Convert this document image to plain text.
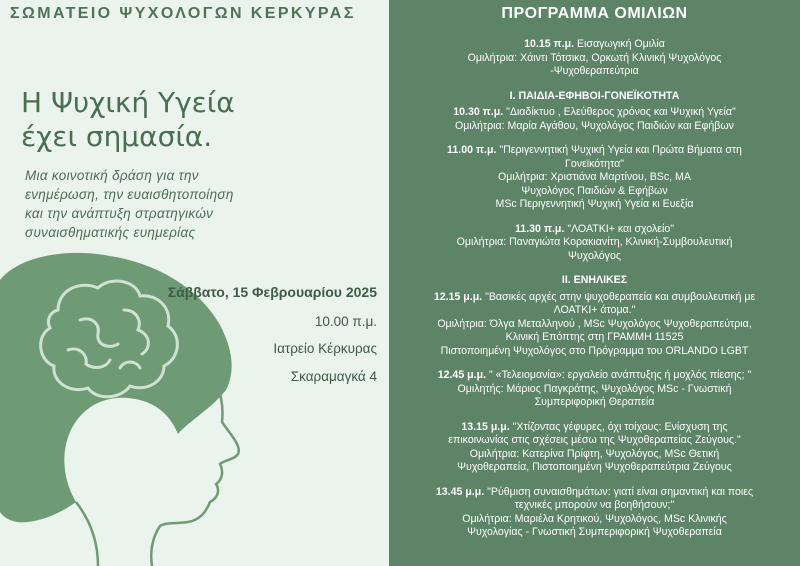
ΣΩΜΑΤΕΙΟ ΨΥΧΟΛΟΓΩΝ ΚΕΡΚΥΡΑΣ
Η Ψυχική Υγεία
έχει σημασία.
Μια κοινοτική δράση για την
ενημέρωση, την ευαισθητοποίηση
και την ανάπτυξη στρατηγικών
συναισθηματικής ευημερίας
Σάββατο, 15 Φεβρουαρίου 2025
10.00 π.μ.
Ιατρείο Κέρκυρας
Σκαραμαγκά 4
ΠΡΟΓΡΑΜΜΑ ΟΜΙΛΙΩΝ
10.15 π.μ. Εισαγωγική Ομιλία
Ομιλήτρια: Χάιντι Τότσικα, Ορκωτή Κλινική Ψυχολόγος
-Ψυχοθεραπεύτρια
I. ΠΑΙΔΙΑ-ΕΦΗΒΟΙ-ΓΟΝΕΪΚΟΤΗΤΑ
10.30 π.μ. "Διαδίκτυο , Ελεύθερος χρόνος και Ψυχική Υγεία"
Ομιλήτρια: Μαρία Αγάθου, Ψυχολόγος Παιδιών και Εφήβων
11.00 π.μ. "Περιγεννητική Ψυχική Υγεία και Πρώτα Βήματα στη
Γονεϊκότητα"
Ομιλήτρια: Χριστιάνα Μαρτίνου, BSc, MA
Ψυχολόγος Παιδιών & Εφήβων
MSc Περιγεννητική Ψυχική Υγεία κι Ευεξία
11.30 π.μ. "ΛΟΑΤΚΙ+ και σχολείο"
Ομιλήτρια: Παναγιώτα Κορακιανίτη, Κλινική-Συμβουλευτική
Ψυχολόγος
II. ΕΝΗΛΙΚΕΣ
12.15 μ.μ. "Βασικές αρχές στην ψυχοθεραπεία και συμβουλευτική με
ΛΟΑΤΚΙ+ άτομα."
Ομιλήτρια: Όλγα Μεταλληνού , MSc Ψυχολόγος Ψυχοθεραπεύτρια,
Κλινική Επόπτης στη ΓΡΑΜΜΗ 11525
Πιστοποιημένη Ψυχολόγος στο Πρόγραμμα του ORLANDO LGBT
12.45 μ.μ. " «Τελειομανία»: εργαλείο ανάπτυξης ή μοχλός πίεσης; "
Ομιλητής: Μάριος Παγκράτης, Ψυχολόγος MSc - Γνωστική
Συμπεριφορική Θεραπεία
13.15 μ.μ. "Χτίζοντας γέφυρες, όχι τοίχους: Ενίσχυση της
επικοινωνίας στις σχέσεις μέσω της Ψυχοθεραπείας Ζεύγους."
Ομιλήτρια: Κατερίνα Πρίφτη, Ψυχολόγος, MSc Θετική
Ψυχοθεραπεία, Πιστοποιημένη Ψυχοθεραπεύτρια Ζεύγους
13.45 μ.μ. "Ρύθμιση συναισθημάτων: γιατί είναι σημαντική και ποιες
τεχνικές μπορούν να βοηθήσουν;"
Ομιλήτρια: Μαριέλα Κρητικού, Ψυχολόγος, MSc Κλινικής
Ψυχολογίας - Γνωστική Συμπεριφορική Ψυχοθεραπεία
